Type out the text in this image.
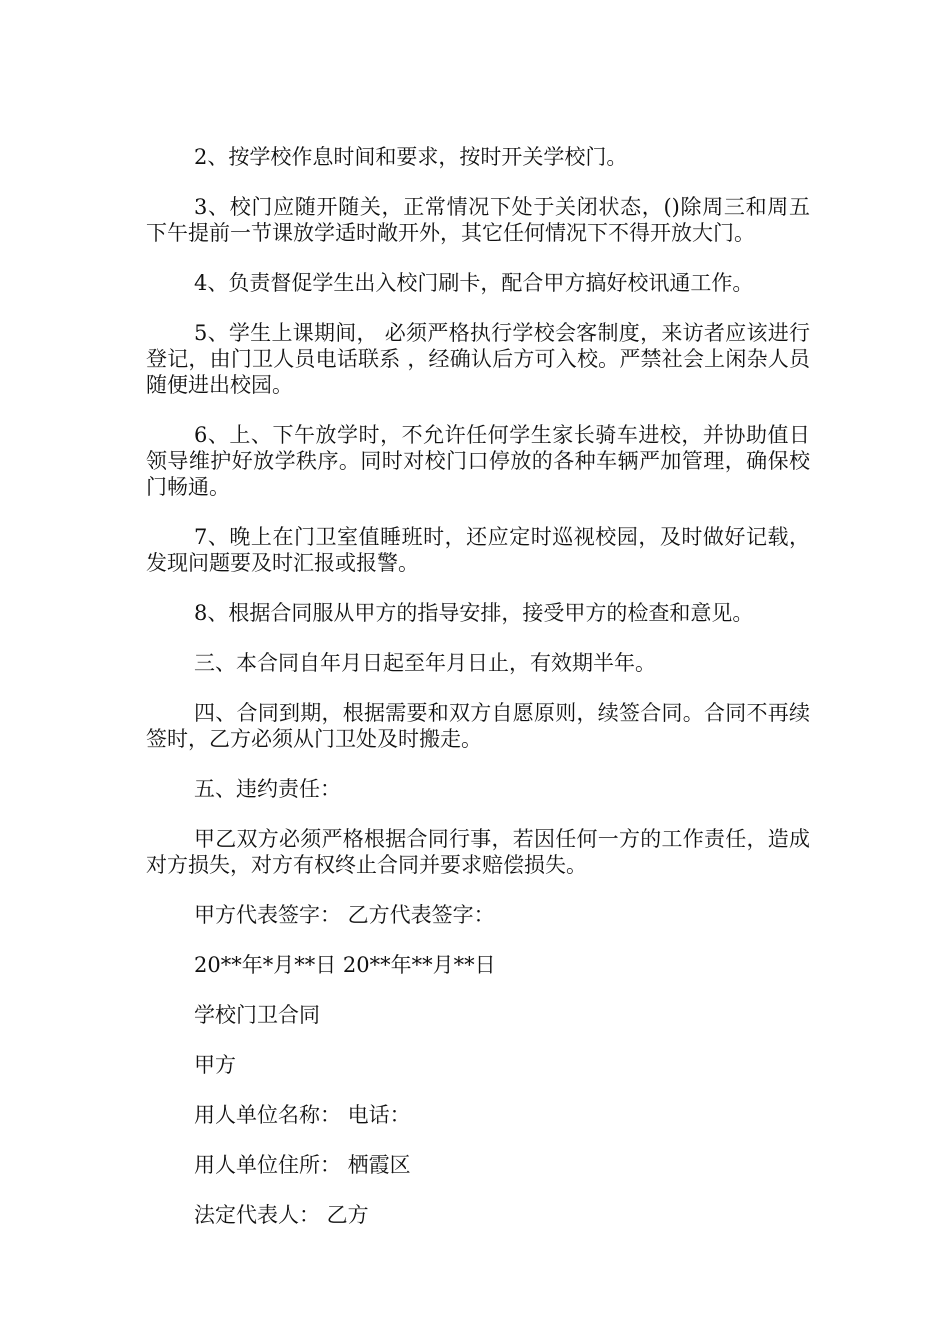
2、按学校作息时间和要求，按时开关学校门。

3、校门应随开随关，正常情况下处于关闭状态，()除周三和周五下午提前一节课放学适时敞开外，其它任何情况下不得开放大门。

4、负责督促学生出入校门刷卡，配合甲方搞好校讯通工作。

5、学生上课期间， 必须严格执行学校会客制度，来访者应该进行登记，由门卫人员电话联系 ，经确认后方可入校。严禁社会上闲杂人员随便进出校园。

6、上、下午放学时，不允许任何学生家长骑车进校，并协助值日领导维护好放学秩序。同时对校门口停放的各种车辆严加管理，确保校门畅通。

7、晚上在门卫室值睡班时，还应定时巡视校园，及时做好记载，发现问题要及时汇报或报警。

8、根据合同服从甲方的指导安排，接受甲方的检查和意见。

三、本合同自年月日起至年月日止，有效期半年。

四、合同到期，根据需要和双方自愿原则，续签合同。合同不再续签时，乙方必须从门卫处及时搬走。

五、违约责任：

甲乙双方必须严格根据合同行事，若因任何一方的工作责任，造成对方损失，对方有权终止合同并要求赔偿损失。

甲方代表签字： 乙方代表签字：

20**年*月**日 20**年**月**日

学校门卫合同

甲方

用人单位名称： 电话：

用人单位住所： 栖霞区

法定代表人： 乙方
